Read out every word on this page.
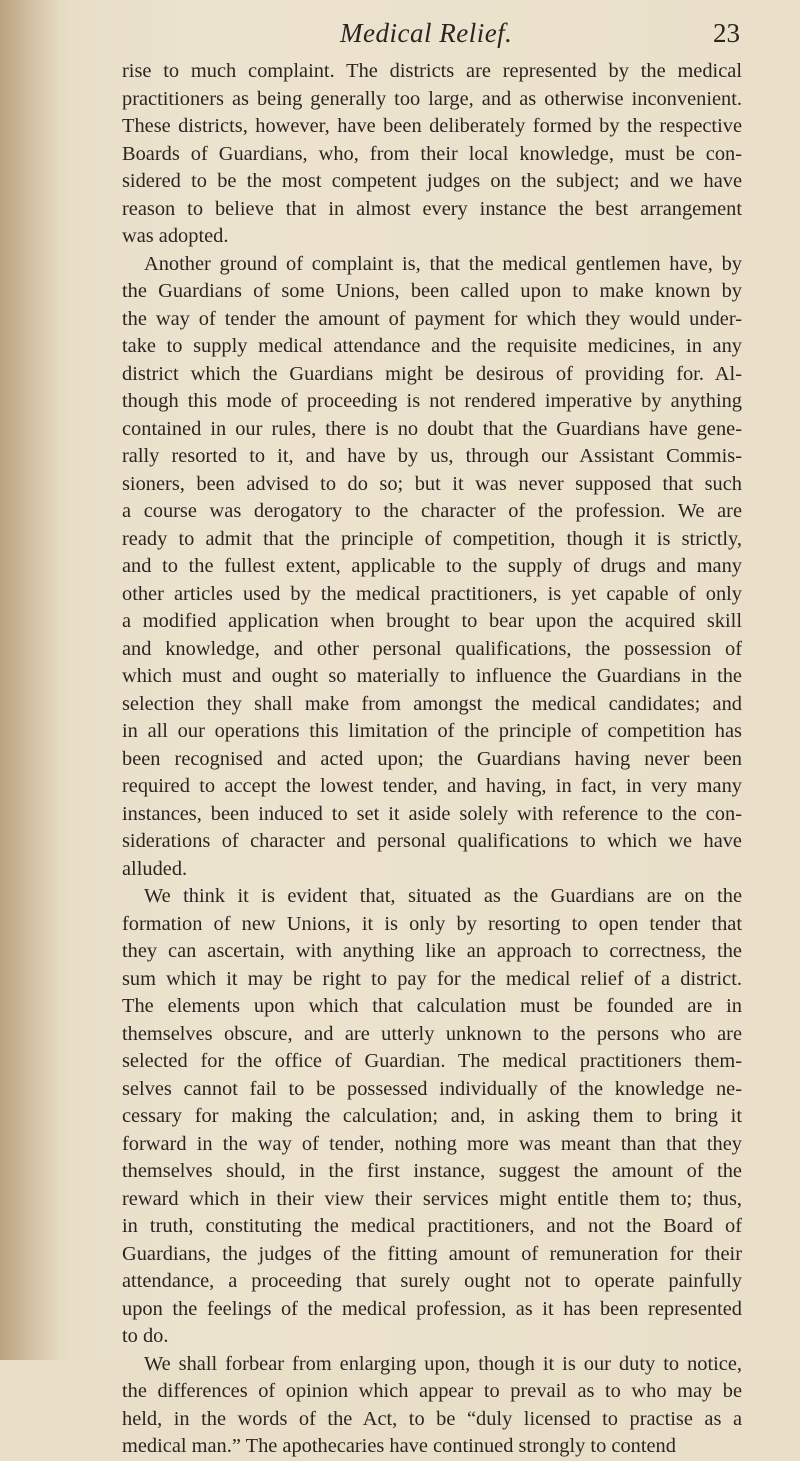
Medical Relief.	23
rise to much complaint. The districts are represented by the medical
practitioners as being generally too large, and as otherwise inconvenient.
These districts, however, have been deliberately formed by the respective
Boards of Guardians, who, from their local knowledge, must be con-
sidered to be the most competent judges on the subject; and we have
reason to believe that in almost every instance the best arrangement
was adopted.
Another ground of complaint is, that the medical gentlemen have, by
the Guardians of some Unions, been called upon to make known by
the way of tender the amount of payment for which they would under-
take to supply medical attendance and the requisite medicines, in any
district which the Guardians might be desirous of providing for. Al-
though this mode of proceeding is not rendered imperative by anything
contained in our rules, there is no doubt that the Guardians have gene-
rally resorted to it, and have by us, through our Assistant Commis-
sioners, been advised to do so; but it was never supposed that such
a course was derogatory to the character of the profession. We are
ready to admit that the principle of competition, though it is strictly,
and to the fullest extent, applicable to the supply of drugs and many
other articles used by the medical practitioners, is yet capable of only
a modified application when brought to bear upon the acquired skill
and knowledge, and other personal qualifications, the possession of
which must and ought so materially to influence the Guardians in the
selection they shall make from amongst the medical candidates; and
in all our operations this limitation of the principle of competition has
been recognised and acted upon; the Guardians having never been
required to accept the lowest tender, and having, in fact, in very many
instances, been induced to set it aside solely with reference to the con-
siderations of character and personal qualifications to which we have
alluded.
We think it is evident that, situated as the Guardians are on the
formation of new Unions, it is only by resorting to open tender that
they can ascertain, with anything like an approach to correctness, the
sum which it may be right to pay for the medical relief of a district.
The elements upon which that calculation must be founded are in
themselves obscure, and are utterly unknown to the persons who are
selected for the office of Guardian. The medical practitioners them-
selves cannot fail to be possessed individually of the knowledge ne-
cessary for making the calculation; and, in asking them to bring it
forward in the way of tender, nothing more was meant than that they
themselves should, in the first instance, suggest the amount of the
reward which in their view their services might entitle them to; thus,
in truth, constituting the medical practitioners, and not the Board of
Guardians, the judges of the fitting amount of remuneration for their
attendance, a proceeding that surely ought not to operate painfully
upon the feelings of the medical profession, as it has been represented
to do.
We shall forbear from enlarging upon, though it is our duty to notice,
the differences of opinion which appear to prevail as to who may be
held, in the words of the Act, to be “duly licensed to practise as a
medical man.” The apothecaries have continued strongly to contend
